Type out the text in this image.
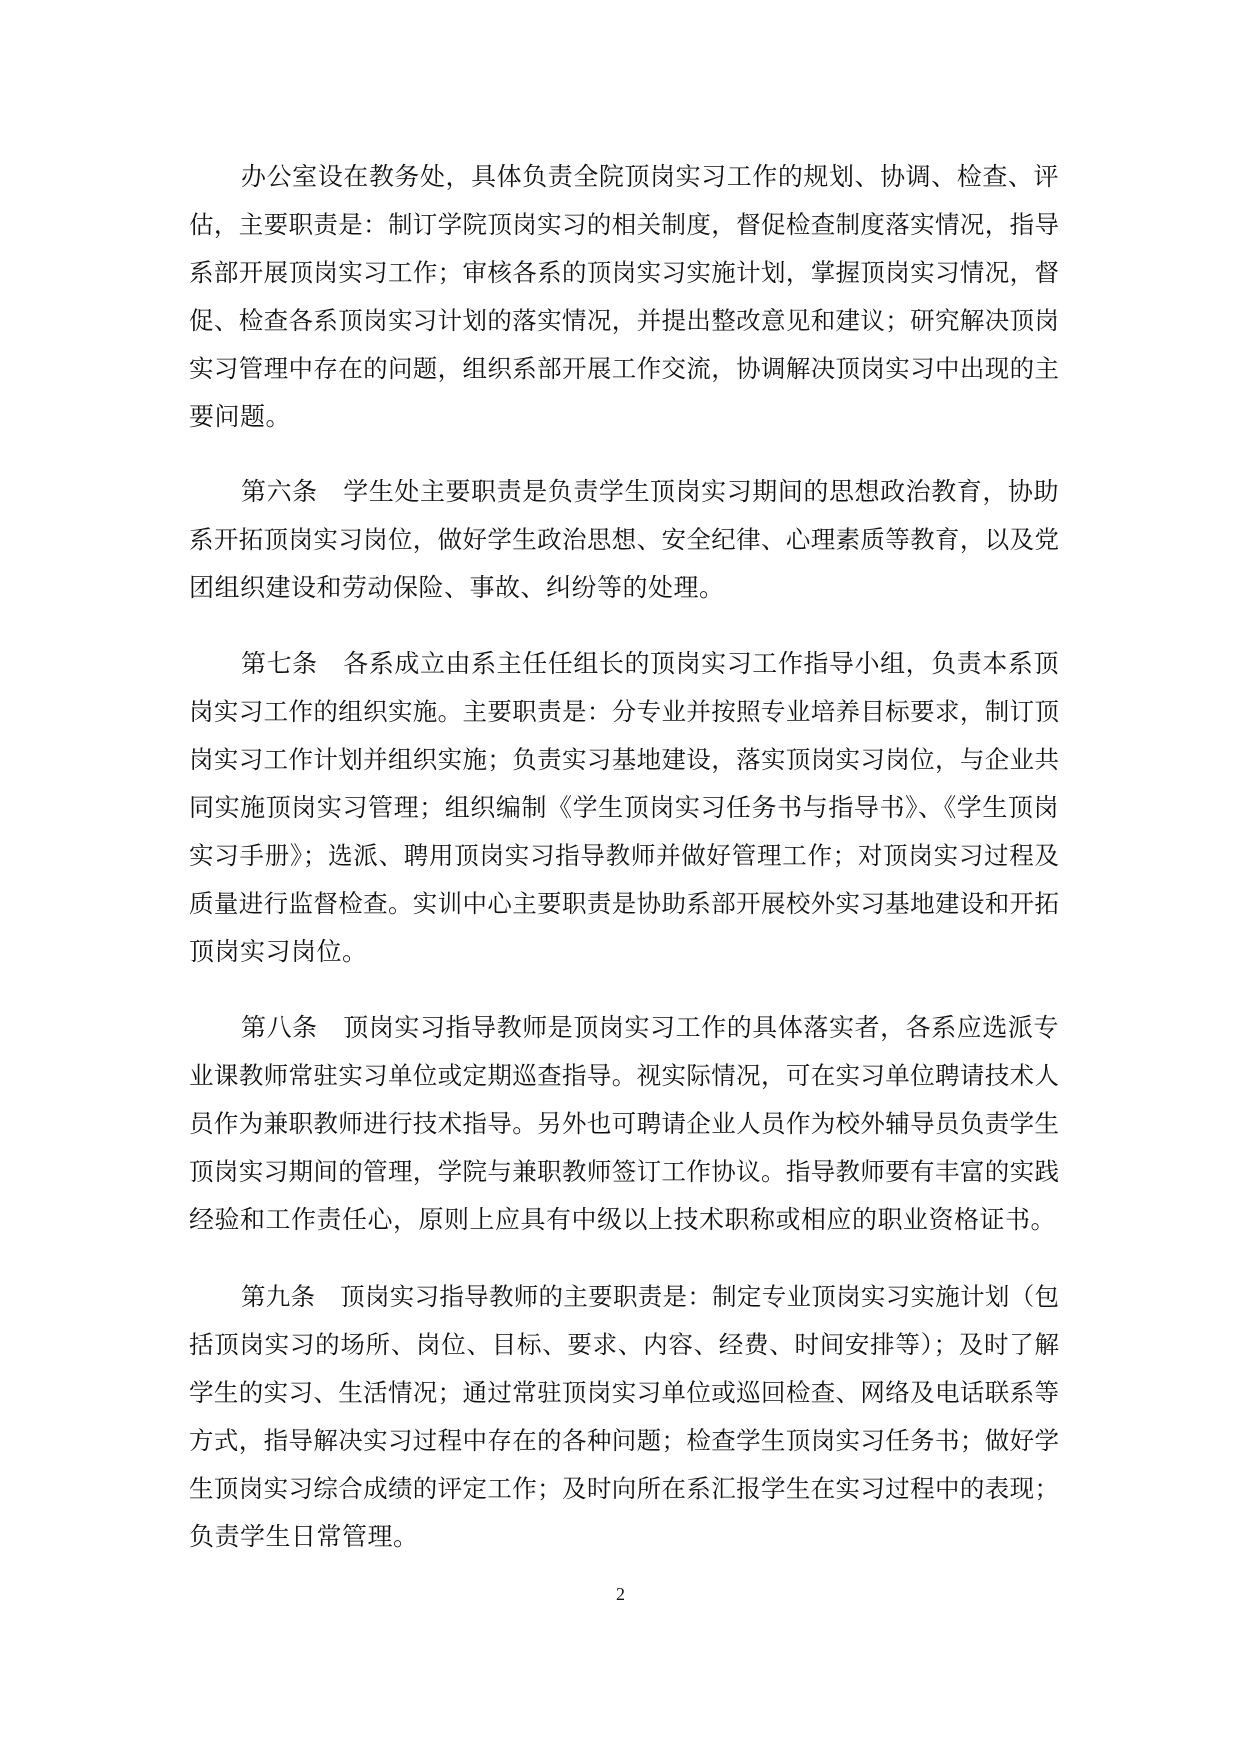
办公室设在教务处，具体负责全院顶岗实习工作的规划、协调、检查、评
估，主要职责是：制订学院顶岗实习的相关制度，督促检查制度落实情况，指导
系部开展顶岗实习工作；审核各系的顶岗实习实施计划，掌握顶岗实习情况，督
促、检查各系顶岗实习计划的落实情况，并提出整改意见和建议；研究解决顶岗
实习管理中存在的问题，组织系部开展工作交流，协调解决顶岗实习中出现的主
要问题。
第六条　学生处主要职责是负责学生顶岗实习期间的思想政治教育，协助
系开拓顶岗实习岗位，做好学生政治思想、安全纪律、心理素质等教育，以及党
团组织建设和劳动保险、事故、纠纷等的处理。
第七条　各系成立由系主任任组长的顶岗实习工作指导小组，负责本系顶
岗实习工作的组织实施。主要职责是：分专业并按照专业培养目标要求，制订顶
岗实习工作计划并组织实施；负责实习基地建设，落实顶岗实习岗位，与企业共
同实施顶岗实习管理；组织编制《学生顶岗实习任务书与指导书》、《学生顶岗
实习手册》；选派、聘用顶岗实习指导教师并做好管理工作；对顶岗实习过程及
质量进行监督检查。实训中心主要职责是协助系部开展校外实习基地建设和开拓
顶岗实习岗位。
第八条　顶岗实习指导教师是顶岗实习工作的具体落实者，各系应选派专
业课教师常驻实习单位或定期巡查指导。视实际情况，可在实习单位聘请技术人
员作为兼职教师进行技术指导。另外也可聘请企业人员作为校外辅导员负责学生
顶岗实习期间的管理，学院与兼职教师签订工作协议。指导教师要有丰富的实践
经验和工作责任心，原则上应具有中级以上技术职称或相应的职业资格证书。
第九条　顶岗实习指导教师的主要职责是：制定专业顶岗实习实施计划（包
括顶岗实习的场所、岗位、目标、要求、内容、经费、时间安排等）；及时了解
学生的实习、生活情况；通过常驻顶岗实习单位或巡回检查、网络及电话联系等
方式，指导解决实习过程中存在的各种问题；检查学生顶岗实习任务书；做好学
生顶岗实习综合成绩的评定工作；及时向所在系汇报学生在实习过程中的表现；
负责学生日常管理。
2
